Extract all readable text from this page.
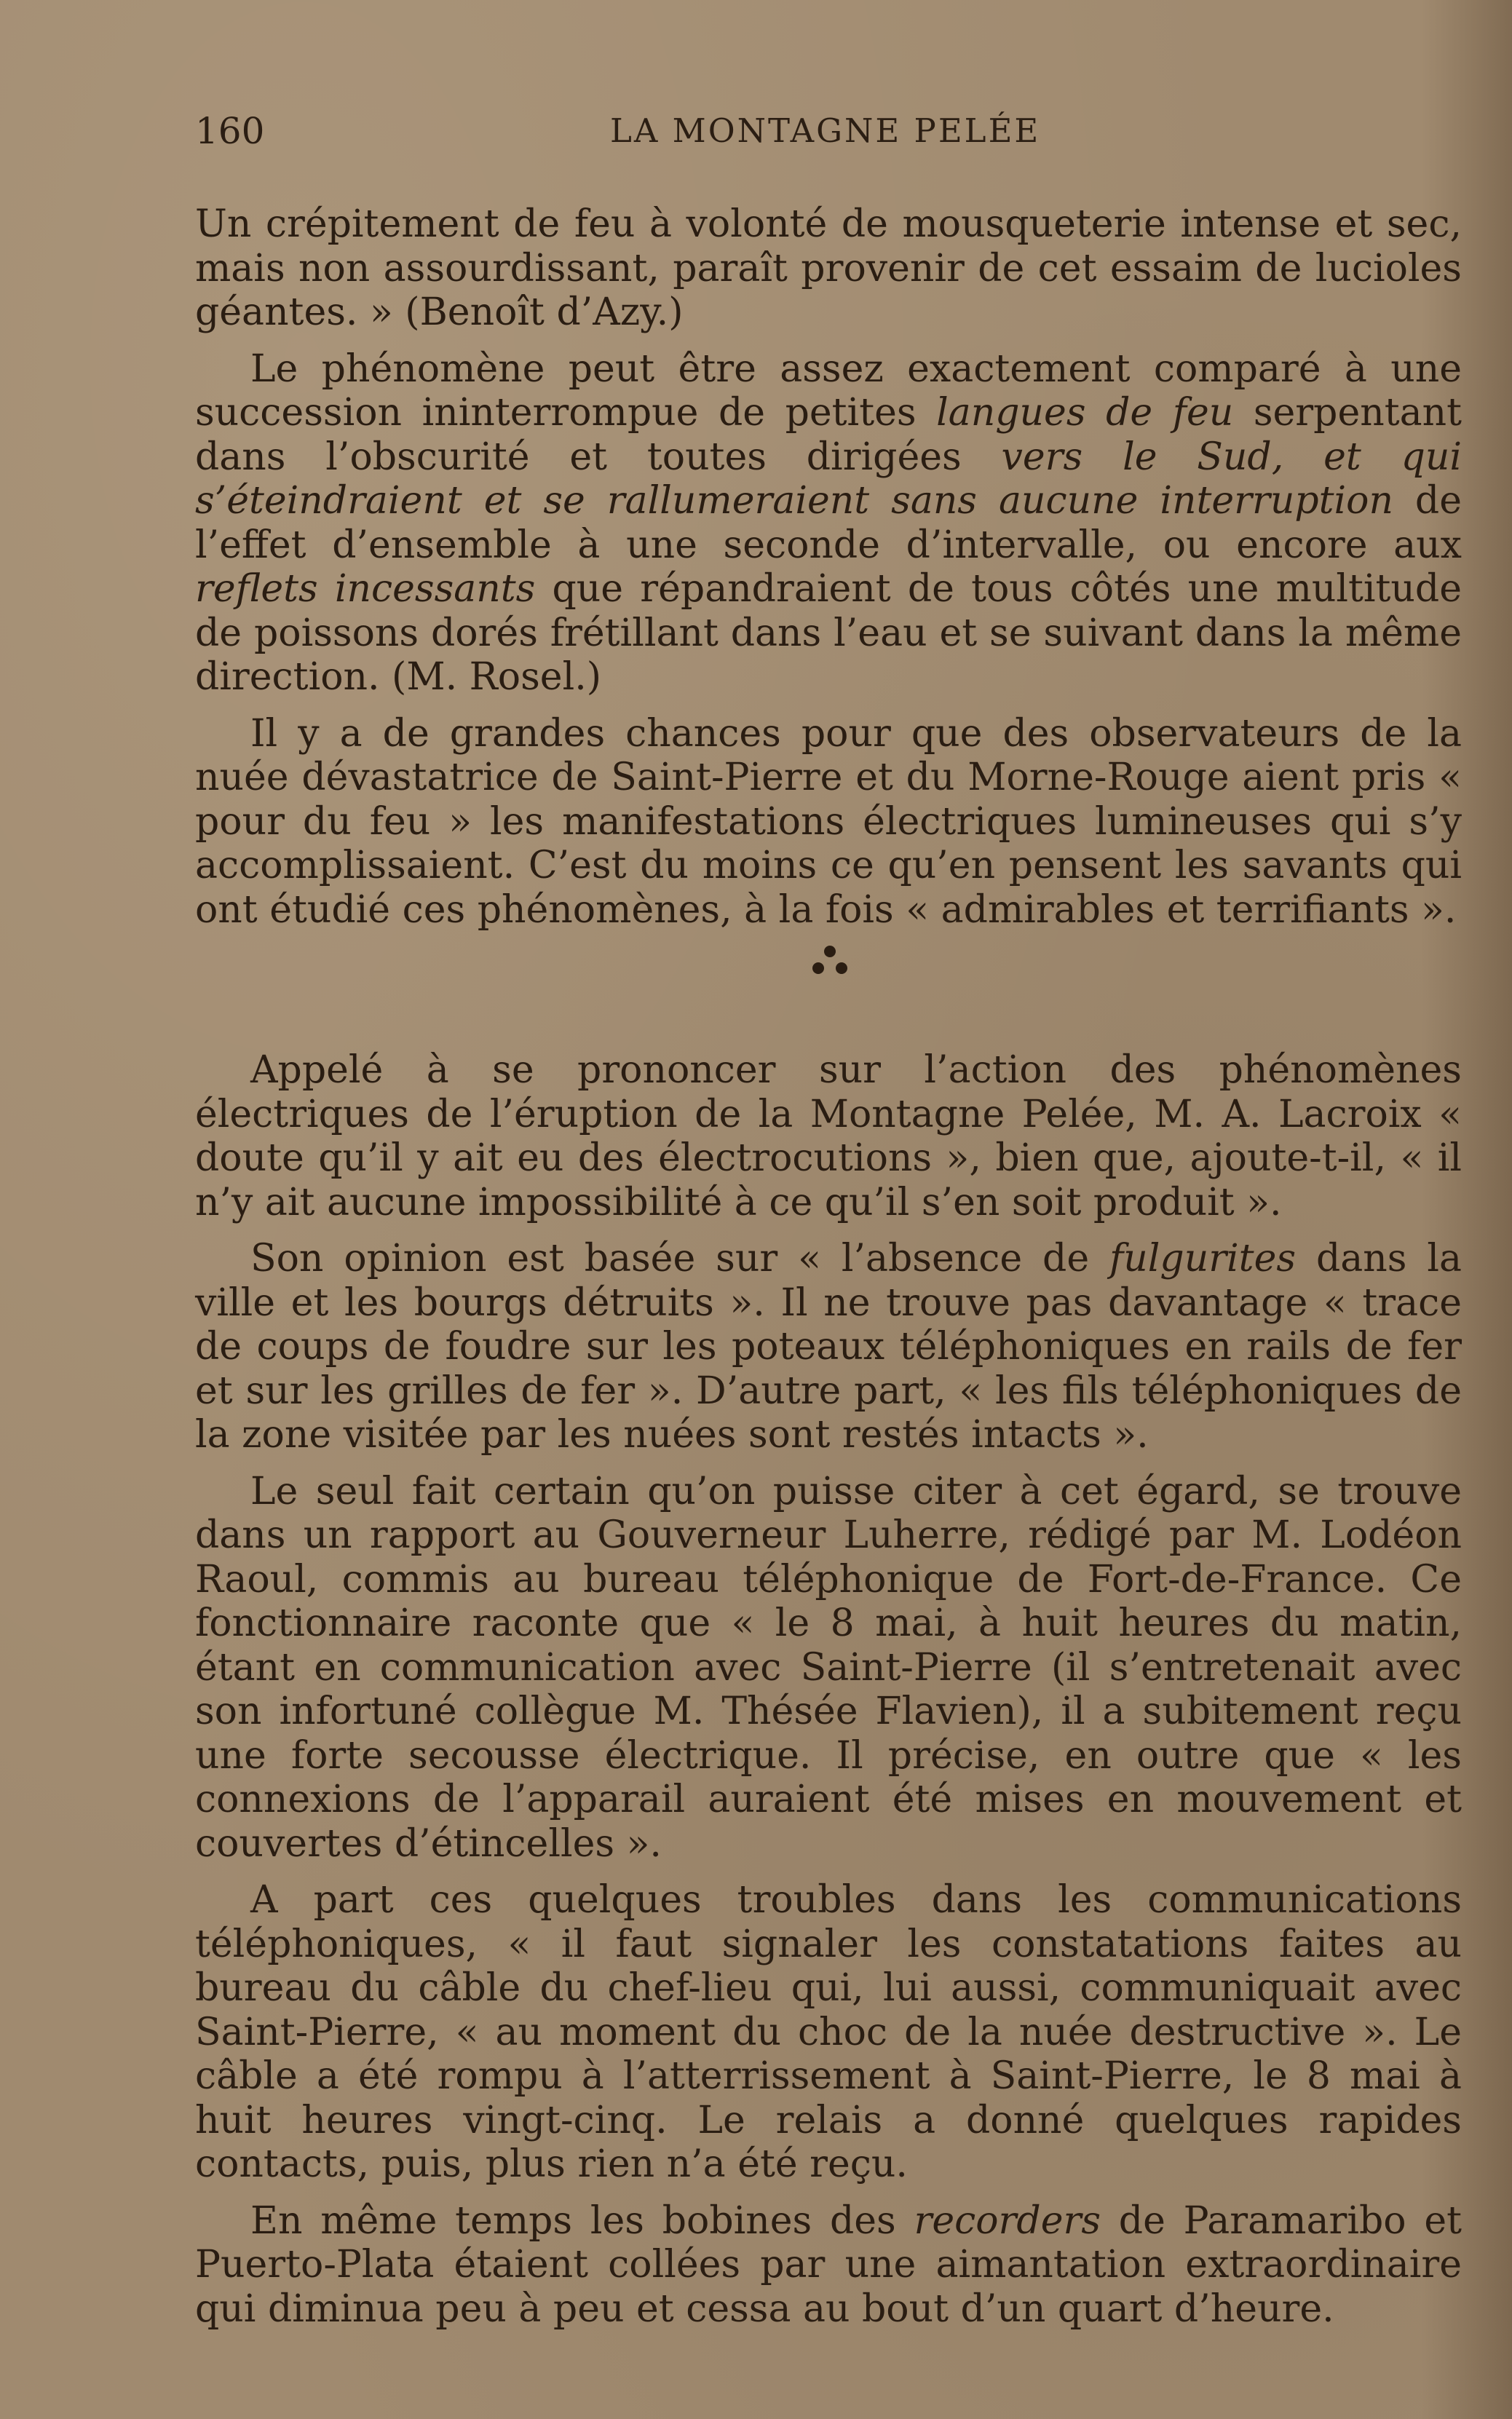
160	LA MONTAGNE PELÉE

Un crépitement de feu à volonté de mousqueterie intense et sec, mais non assourdissant, paraît provenir de cet essaim de lucioles géantes. » (Benoît d’Azy.)

Le phénomène peut être assez exactement comparé à une succession ininterrompue de petites langues de feu serpentant dans l’obscurité et toutes dirigées vers le Sud, et qui s’éteindraient et se rallumeraient sans aucune interruption de l’effet d’ensemble à une seconde d’intervalle, ou encore aux reflets incessants que répandraient de tous côtés une multitude de poissons dorés frétillant dans l’eau et se suivant dans la même direction. (M. Rosel.)

Il y a de grandes chances pour que des observateurs de la nuée dévastatrice de Saint-Pierre et du Morne-Rouge aient pris « pour du feu » les manifestations électriques lumineuses qui s’y accomplissaient. C’est du moins ce qu’en pensent les savants qui ont étudié ces phénomènes, à la fois « admirables et terrifiants ».

Appelé à se prononcer sur l’action des phénomènes électriques de l’éruption de la Montagne Pelée, M. A. Lacroix « doute qu’il y ait eu des électrocutions », bien que, ajoute-t-il, « il n’y ait aucune impossibilité à ce qu’il s’en soit produit ».

Son opinion est basée sur « l’absence de fulgurites dans la ville et les bourgs détruits ». Il ne trouve pas davantage « trace de coups de foudre sur les poteaux téléphoniques en rails de fer et sur les grilles de fer ». D’autre part, « les fils téléphoniques de la zone visitée par les nuées sont restés intacts ».

Le seul fait certain qu’on puisse citer à cet égard, se trouve dans un rapport au Gouverneur Luherre, rédigé par M. Lodéon Raoul, commis au bureau téléphonique de Fort-de-France. Ce fonctionnaire raconte que « le 8 mai, à huit heures du matin, étant en communication avec Saint-Pierre (il s’entretenait avec son infortuné collègue M. Thésée Flavien), il a subitement reçu une forte secousse électrique. Il précise, en outre que « les connexions de l’apparail auraient été mises en mouvement et couvertes d’étincelles ».

A part ces quelques troubles dans les communications téléphoniques, « il faut signaler les constatations faites au bureau du câble du chef-lieu qui, lui aussi, communiquait avec Saint-Pierre, « au moment du choc de la nuée destructive ». Le câble a été rompu à l’atterrissement à Saint-Pierre, le 8 mai à huit heures vingt-cinq. Le relais a donné quelques rapides contacts, puis, plus rien n’a été reçu.

En même temps les bobines des recorders de Paramaribo et Puerto-Plata étaient collées par une aimantation extraordinaire qui diminua peu à peu et cessa au bout d’un quart d’heure.
